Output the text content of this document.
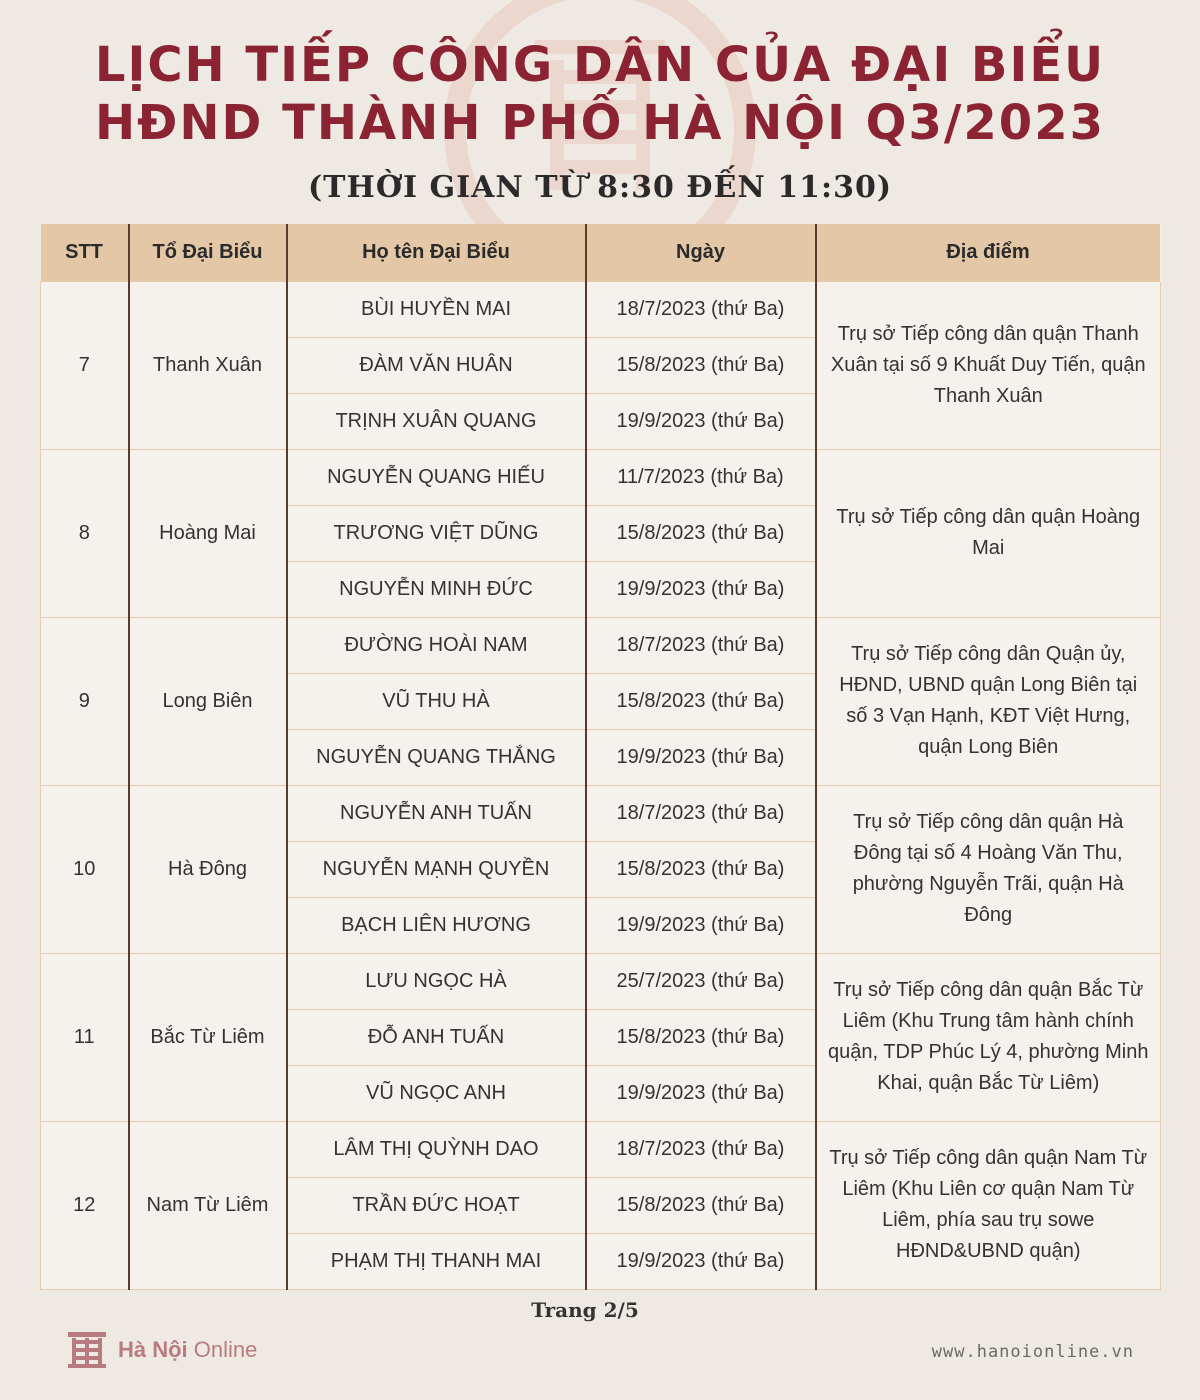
LỊCH TIẾP CÔNG DÂN CỦA ĐẠI BIỂU
HĐND THÀNH PHỐ HÀ NỘI Q3/2023
(THỜI GIAN TỪ 8:30 ĐẾN 11:30)
STT	Tổ Đại Biểu	Họ tên Đại Biểu	Ngày	Địa điểm
7	Thanh Xuân	BÙI HUYỀN MAI	18/7/2023 (thứ Ba)	Trụ sở Tiếp công dân quận Thanh Xuân tại số 9 Khuất Duy Tiến, quận Thanh Xuân
		ĐÀM VĂN HUÂN	15/8/2023 (thứ Ba)	
		TRỊNH XUÂN QUANG	19/9/2023 (thứ Ba)	
8	Hoàng Mai	NGUYỄN QUANG HIẾU	11/7/2023 (thứ Ba)	Trụ sở Tiếp công dân quận Hoàng Mai
		TRƯƠNG VIỆT DŨNG	15/8/2023 (thứ Ba)	
		NGUYỄN MINH ĐỨC	19/9/2023 (thứ Ba)	
9	Long Biên	ĐƯỜNG HOÀI NAM	18/7/2023 (thứ Ba)	Trụ sở Tiếp công dân Quận ủy, HĐND, UBND quận Long Biên tại số 3 Vạn Hạnh, KĐT Việt Hưng, quận Long Biên
		VŨ THU HÀ	15/8/2023 (thứ Ba)	
		NGUYỄN QUANG THẮNG	19/9/2023 (thứ Ba)	
10	Hà Đông	NGUYỄN ANH TUẤN	18/7/2023 (thứ Ba)	Trụ sở Tiếp công dân quận Hà Đông tại số 4 Hoàng Văn Thu, phường Nguyễn Trãi, quận Hà Đông
		NGUYỄN MẠNH QUYỀN	15/8/2023 (thứ Ba)	
		BẠCH LIÊN HƯƠNG	19/9/2023 (thứ Ba)	
11	Bắc Từ Liêm	LƯU NGỌC HÀ	25/7/2023 (thứ Ba)	Trụ sở Tiếp công dân quận Bắc Từ Liêm (Khu Trung tâm hành chính quận, TDP Phúc Lý 4, phường Minh Khai, quận Bắc Từ Liêm)
		ĐỖ ANH TUẤN	15/8/2023 (thứ Ba)	
		VŨ NGỌC ANH	19/9/2023 (thứ Ba)	
12	Nam Từ Liêm	LÂM THỊ QUỲNH DAO	18/7/2023 (thứ Ba)	Trụ sở Tiếp công dân quận Nam Từ Liêm (Khu Liên cơ quận Nam Từ Liêm, phía sau trụ sowe HĐND&UBND quận)
		TRẦN ĐỨC HOẠT	15/8/2023 (thứ Ba)	
		PHẠM THỊ THANH MAI	19/9/2023 (thứ Ba)	
Trang 2/5
Hà Nội Online	www.hanoionline.vn
